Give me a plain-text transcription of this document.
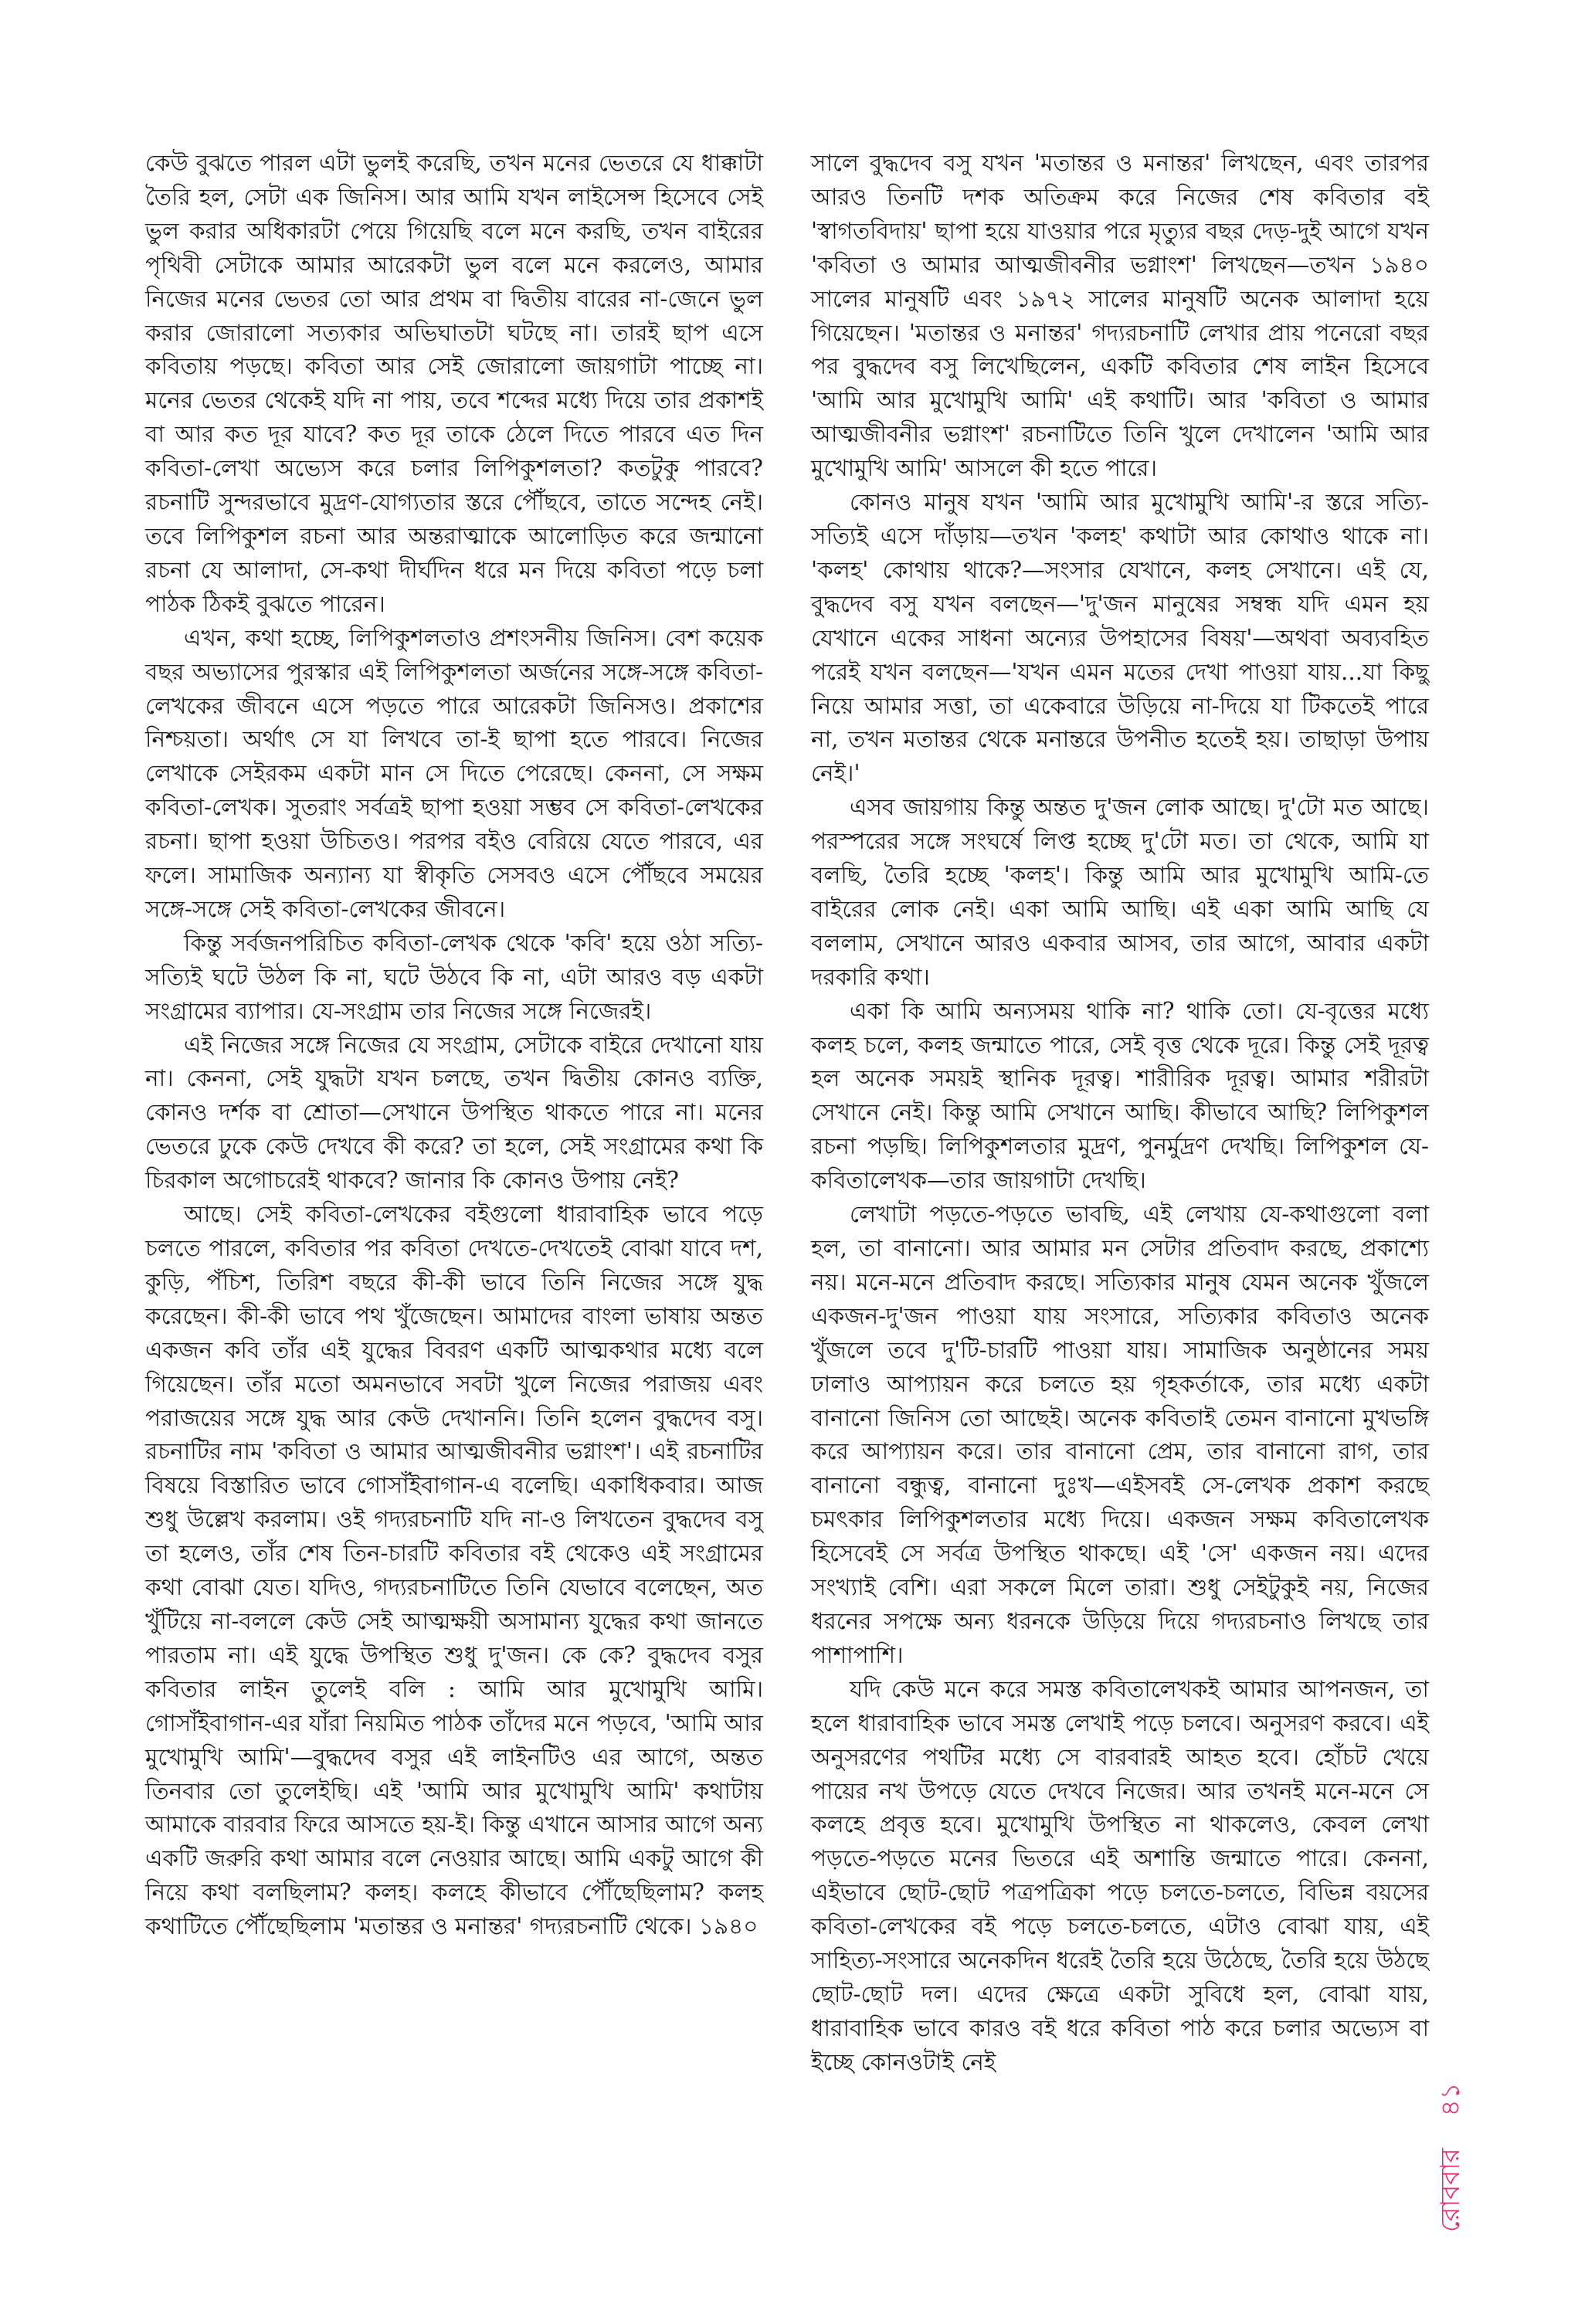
কেউ বুঝতে পারল এটা ভুলই করেছি, তখন মনের ভেতরে যে ধাক্কাটা তৈরি হল, সেটা এক জিনিস। আর আমি যখন লাইসেন্স হিসেবে সেই ভুল করার অধিকারটা পেয়ে গিয়েছি বলে মনে করছি, তখন বাইরের পৃথিবী সেটাকে আমার আরেকটা ভুল বলে মনে করলেও, আমার নিজের মনের ভেতর তো আর প্রথম বা দ্বিতীয় বারের না-জেনে ভুল করার জোরালো সত্যকার অভিঘাতটা ঘটছে না। তারই ছাপ এসে কবিতায় পড়ছে। কবিতা আর সেই জোরালো জায়গাটা পাচ্ছে না। মনের ভেতর থেকেই যদি না পায়, তবে শব্দের মধ্যে দিয়ে তার প্রকাশই বা আর কত দূর যাবে? কত দূর তাকে ঠেলে দিতে পারবে এত দিন কবিতা-লেখা অভ্যেস করে চলার লিপিকুশলতা? কতটুকু পারবে? রচনাটি সুন্দরভাবে মুদ্রণ-যোগ্যতার স্তরে পৌঁছবে, তাতে সন্দেহ নেই। তবে লিপিকুশল রচনা আর অন্তরাত্মাকে আলোড়িত করে জন্মানো রচনা যে আলাদা, সে-কথা দীর্ঘদিন ধরে মন দিয়ে কবিতা পড়ে চলা পাঠক ঠিকই বুঝতে পারেন।

এখন, কথা হচ্ছে, লিপিকুশলতাও প্রশংসনীয় জিনিস। বেশ কয়েক বছর অভ্যাসের পুরস্কার এই লিপিকুশলতা অর্জনের সঙ্গে-সঙ্গে কবিতা-লেখকের জীবনে এসে পড়তে পারে আরেকটা জিনিসও। প্রকাশের নিশ্চয়তা। অর্থাৎ সে যা লিখবে তা-ই ছাপা হতে পারবে। নিজের লেখাকে সেইরকম একটা মান সে দিতে পেরেছে। কেননা, সে সক্ষম কবিতা-লেখক। সুতরাং সর্বত্রই ছাপা হওয়া সম্ভব সে কবিতা-লেখকের রচনা। ছাপা হওয়া উচিতও। পরপর বইও বেরিয়ে যেতে পারবে, এর ফলে। সামাজিক অন্যান্য যা স্বীকৃতি সেসবও এসে পৌঁছবে সময়ের সঙ্গে-সঙ্গে সেই কবিতা-লেখকের জীবনে।

কিন্তু সর্বজনপরিচিত কবিতা-লেখক থেকে 'কবি' হয়ে ওঠা সত্যি-সত্যিই ঘটে উঠল কি না, ঘটে উঠবে কি না, এটা আরও বড় একটা সংগ্রামের ব্যাপার। যে-সংগ্রাম তার নিজের সঙ্গে নিজেরই।

এই নিজের সঙ্গে নিজের যে সংগ্রাম, সেটাকে বাইরে দেখানো যায় না। কেননা, সেই যুদ্ধটা যখন চলছে, তখন দ্বিতীয় কোনও ব্যক্তি, কোনও দর্শক বা শ্রোতা—সেখানে উপস্থিত থাকতে পারে না। মনের ভেতরে ঢুকে কেউ দেখবে কী করে? তা হলে, সেই সংগ্রামের কথা কি চিরকাল অগোচরেই থাকবে? জানার কি কোনও উপায় নেই?

আছে। সেই কবিতা-লেখকের বইগুলো ধারাবাহিক ভাবে পড়ে চলতে পারলে, কবিতার পর কবিতা দেখতে-দেখতেই বোঝা যাবে দশ, কুড়ি, পঁচিশ, তিরিশ বছরে কী-কী ভাবে তিনি নিজের সঙ্গে যুদ্ধ করেছেন। কী-কী ভাবে পথ খুঁজেছেন। আমাদের বাংলা ভাষায় অন্তত একজন কবি তাঁর এই যুদ্ধের বিবরণ একটি আত্মকথার মধ্যে বলে গিয়েছেন। তাঁর মতো অমনভাবে সবটা খুলে নিজের পরাজয় এবং পরাজয়ের সঙ্গে যুদ্ধ আর কেউ দেখাননি। তিনি হলেন বুদ্ধদেব বসু। রচনাটির নাম 'কবিতা ও আমার আত্মজীবনীর ভগ্নাংশ'। এই রচনাটির বিষয়ে বিস্তারিত ভাবে গোসাঁইবাগান-এ বলেছি। একাধিকবার। আজ শুধু উল্লেখ করলাম। ওই গদ্যরচনাটি যদি না-ও লিখতেন বুদ্ধদেব বসু তা হলেও, তাঁর শেষ তিন-চারটি কবিতার বই থেকেও এই সংগ্রামের কথা বোঝা যেত। যদিও, গদ্যরচনাটিতে তিনি যেভাবে বলেছেন, অত খুঁটিয়ে না-বললে কেউ সেই আত্মক্ষয়ী অসামান্য যুদ্ধের কথা জানতে পারতাম না। এই যুদ্ধে উপস্থিত শুধু দু'জন। কে কে? বুদ্ধদেব বসুর কবিতার লাইন তুলেই বলি : আমি আর মুখোমুখি আমি। গোসাঁইবাগান-এর যাঁরা নিয়মিত পাঠক তাঁদের মনে পড়বে, 'আমি আর মুখোমুখি আমি'—বুদ্ধদেব বসুর এই লাইনটিও এর আগে, অন্তত তিনবার তো তুলেইছি। এই 'আমি আর মুখোমুখি আমি' কথাটায় আমাকে বারবার ফিরে আসতে হয়-ই। কিন্তু এখানে আসার আগে অন্য একটি জরুরি কথা আমার বলে নেওয়ার আছে। আমি একটু আগে কী নিয়ে কথা বলছিলাম? কলহ। কলহে কীভাবে পৌঁছেছিলাম? কলহ কথাটিতে পৌঁছেছিলাম 'মতান্তর ও মনান্তর' গদ্যরচনাটি থেকে। ১৯৪০

সালে বুদ্ধদেব বসু যখন 'মতান্তর ও মনান্তর' লিখছেন, এবং তারপর আরও তিনটি দশক অতিক্রম করে নিজের শেষ কবিতার বই 'স্বাগতবিদায়' ছাপা হয়ে যাওয়ার পরে মৃত্যুর বছর দেড়-দুই আগে যখন 'কবিতা ও আমার আত্মজীবনীর ভগ্নাংশ' লিখছেন—তখন ১৯৪০ সালের মানুষটি এবং ১৯৭২ সালের মানুষটি অনেক আলাদা হয়ে গিয়েছেন। 'মতান্তর ও মনান্তর' গদ্যরচনাটি লেখার প্রায় পনেরো বছর পর বুদ্ধদেব বসু লিখেছিলেন, একটি কবিতার শেষ লাইন হিসেবে 'আমি আর মুখোমুখি আমি' এই কথাটি। আর 'কবিতা ও আমার আত্মজীবনীর ভগ্নাংশ' রচনাটিতে তিনি খুলে দেখালেন 'আমি আর মুখোমুখি আমি' আসলে কী হতে পারে।

কোনও মানুষ যখন 'আমি আর মুখোমুখি আমি'-র স্তরে সত্যি-সত্যিই এসে দাঁড়ায়—তখন 'কলহ' কথাটা আর কোথাও থাকে না। 'কলহ' কোথায় থাকে?—সংসার যেখানে, কলহ সেখানে। এই যে, বুদ্ধদেব বসু যখন বলছেন—'দু'জন মানুষের সম্বন্ধ যদি এমন হয় যেখানে একের সাধনা অন্যের উপহাসের বিষয়'—অথবা অব্যবহিত পরেই যখন বলছেন—'যখন এমন মতের দেখা পাওয়া যায়...যা কিছু নিয়ে আমার সত্তা, তা একেবারে উড়িয়ে না-দিয়ে যা টিকতেই পারে না, তখন মতান্তর থেকে মনান্তরে উপনীত হতেই হয়। তাছাড়া উপায় নেই।'

এসব জায়গায় কিন্তু অন্তত দু'জন লোক আছে। দু'টো মত আছে। পরস্পরের সঙ্গে সংঘর্ষে লিপ্ত হচ্ছে দু'টো মত। তা থেকে, আমি যা বলছি, তৈরি হচ্ছে 'কলহ'। কিন্তু আমি আর মুখোমুখি আমি-তে বাইরের লোক নেই। একা আমি আছি। এই একা আমি আছি যে বললাম, সেখানে আরও একবার আসব, তার আগে, আবার একটা দরকারি কথা।

একা কি আমি অন্যসময় থাকি না? থাকি তো। যে-বৃত্তের মধ্যে কলহ চলে, কলহ জন্মাতে পারে, সেই বৃত্ত থেকে দূরে। কিন্তু সেই দূরত্ব হল অনেক সময়ই স্থানিক দূরত্ব। শারীরিক দূরত্ব। আমার শরীরটা সেখানে নেই। কিন্তু আমি সেখানে আছি। কীভাবে আছি? লিপিকুশল রচনা পড়ছি। লিপিকুশলতার মুদ্রণ, পুনর্মুদ্রণ দেখছি। লিপিকুশল যে-কবিতালেখক—তার জায়গাটা দেখছি।

লেখাটা পড়তে-পড়তে ভাবছি, এই লেখায় যে-কথাগুলো বলা হল, তা বানানো। আর আমার মন সেটার প্রতিবাদ করছে, প্রকাশ্যে নয়। মনে-মনে প্রতিবাদ করছে। সত্যিকার মানুষ যেমন অনেক খুঁজলে একজন-দু'জন পাওয়া যায় সংসারে, সত্যিকার কবিতাও অনেক খুঁজলে তবে দু'টি-চারটি পাওয়া যায়। সামাজিক অনুষ্ঠানের সময় ঢালাও আপ্যায়ন করে চলতে হয় গৃহকর্তাকে, তার মধ্যে একটা বানানো জিনিস তো আছেই। অনেক কবিতাই তেমন বানানো মুখভঙ্গি করে আপ্যায়ন করে। তার বানানো প্রেম, তার বানানো রাগ, তার বানানো বন্ধুত্ব, বানানো দুঃখ—এইসবই সে-লেখক প্রকাশ করছে চমৎকার লিপিকুশলতার মধ্যে দিয়ে। একজন সক্ষম কবিতালেখক হিসেবেই সে সর্বত্র উপস্থিত থাকছে। এই 'সে' একজন নয়। এদের সংখ্যাই বেশি। এরা সকলে মিলে তারা। শুধু সেইটুকুই নয়, নিজের ধরনের সপক্ষে অন্য ধরনকে উড়িয়ে দিয়ে গদ্যরচনাও লিখছে তার পাশাপাশি।

যদি কেউ মনে করে সমস্ত কবিতালেখকই আমার আপনজন, তা হলে ধারাবাহিক ভাবে সমস্ত লেখাই পড়ে চলবে। অনুসরণ করবে। এই অনুসরণের পথটির মধ্যে সে বারবারই আহত হবে। হোঁচট খেয়ে পায়ের নখ উপড়ে যেতে দেখবে নিজের। আর তখনই মনে-মনে সে কলহে প্রবৃত্ত হবে। মুখোমুখি উপস্থিত না থাকলেও, কেবল লেখা পড়তে-পড়তে মনের ভিতরে এই অশান্তি জন্মাতে পারে। কেননা, এইভাবে ছোট-ছোট পত্রপত্রিকা পড়ে চলতে-চলতে, বিভিন্ন বয়সের কবিতা-লেখকের বই পড়ে চলতে-চলতে, এটাও বোঝা যায়, এই সাহিত্য-সংসারে অনেকদিন ধরেই তৈরি হয়ে উঠেছে, তৈরি হয়ে উঠছে ছোট-ছোট দল। এদের ক্ষেত্রে একটা সুবিধে হল, বোঝা যায়, ধারাবাহিক ভাবে কারও বই ধরে কবিতা পাঠ করে চলার অভ্যেস বা ইচ্ছে কোনওটাই নেই

রোববার ৪১
